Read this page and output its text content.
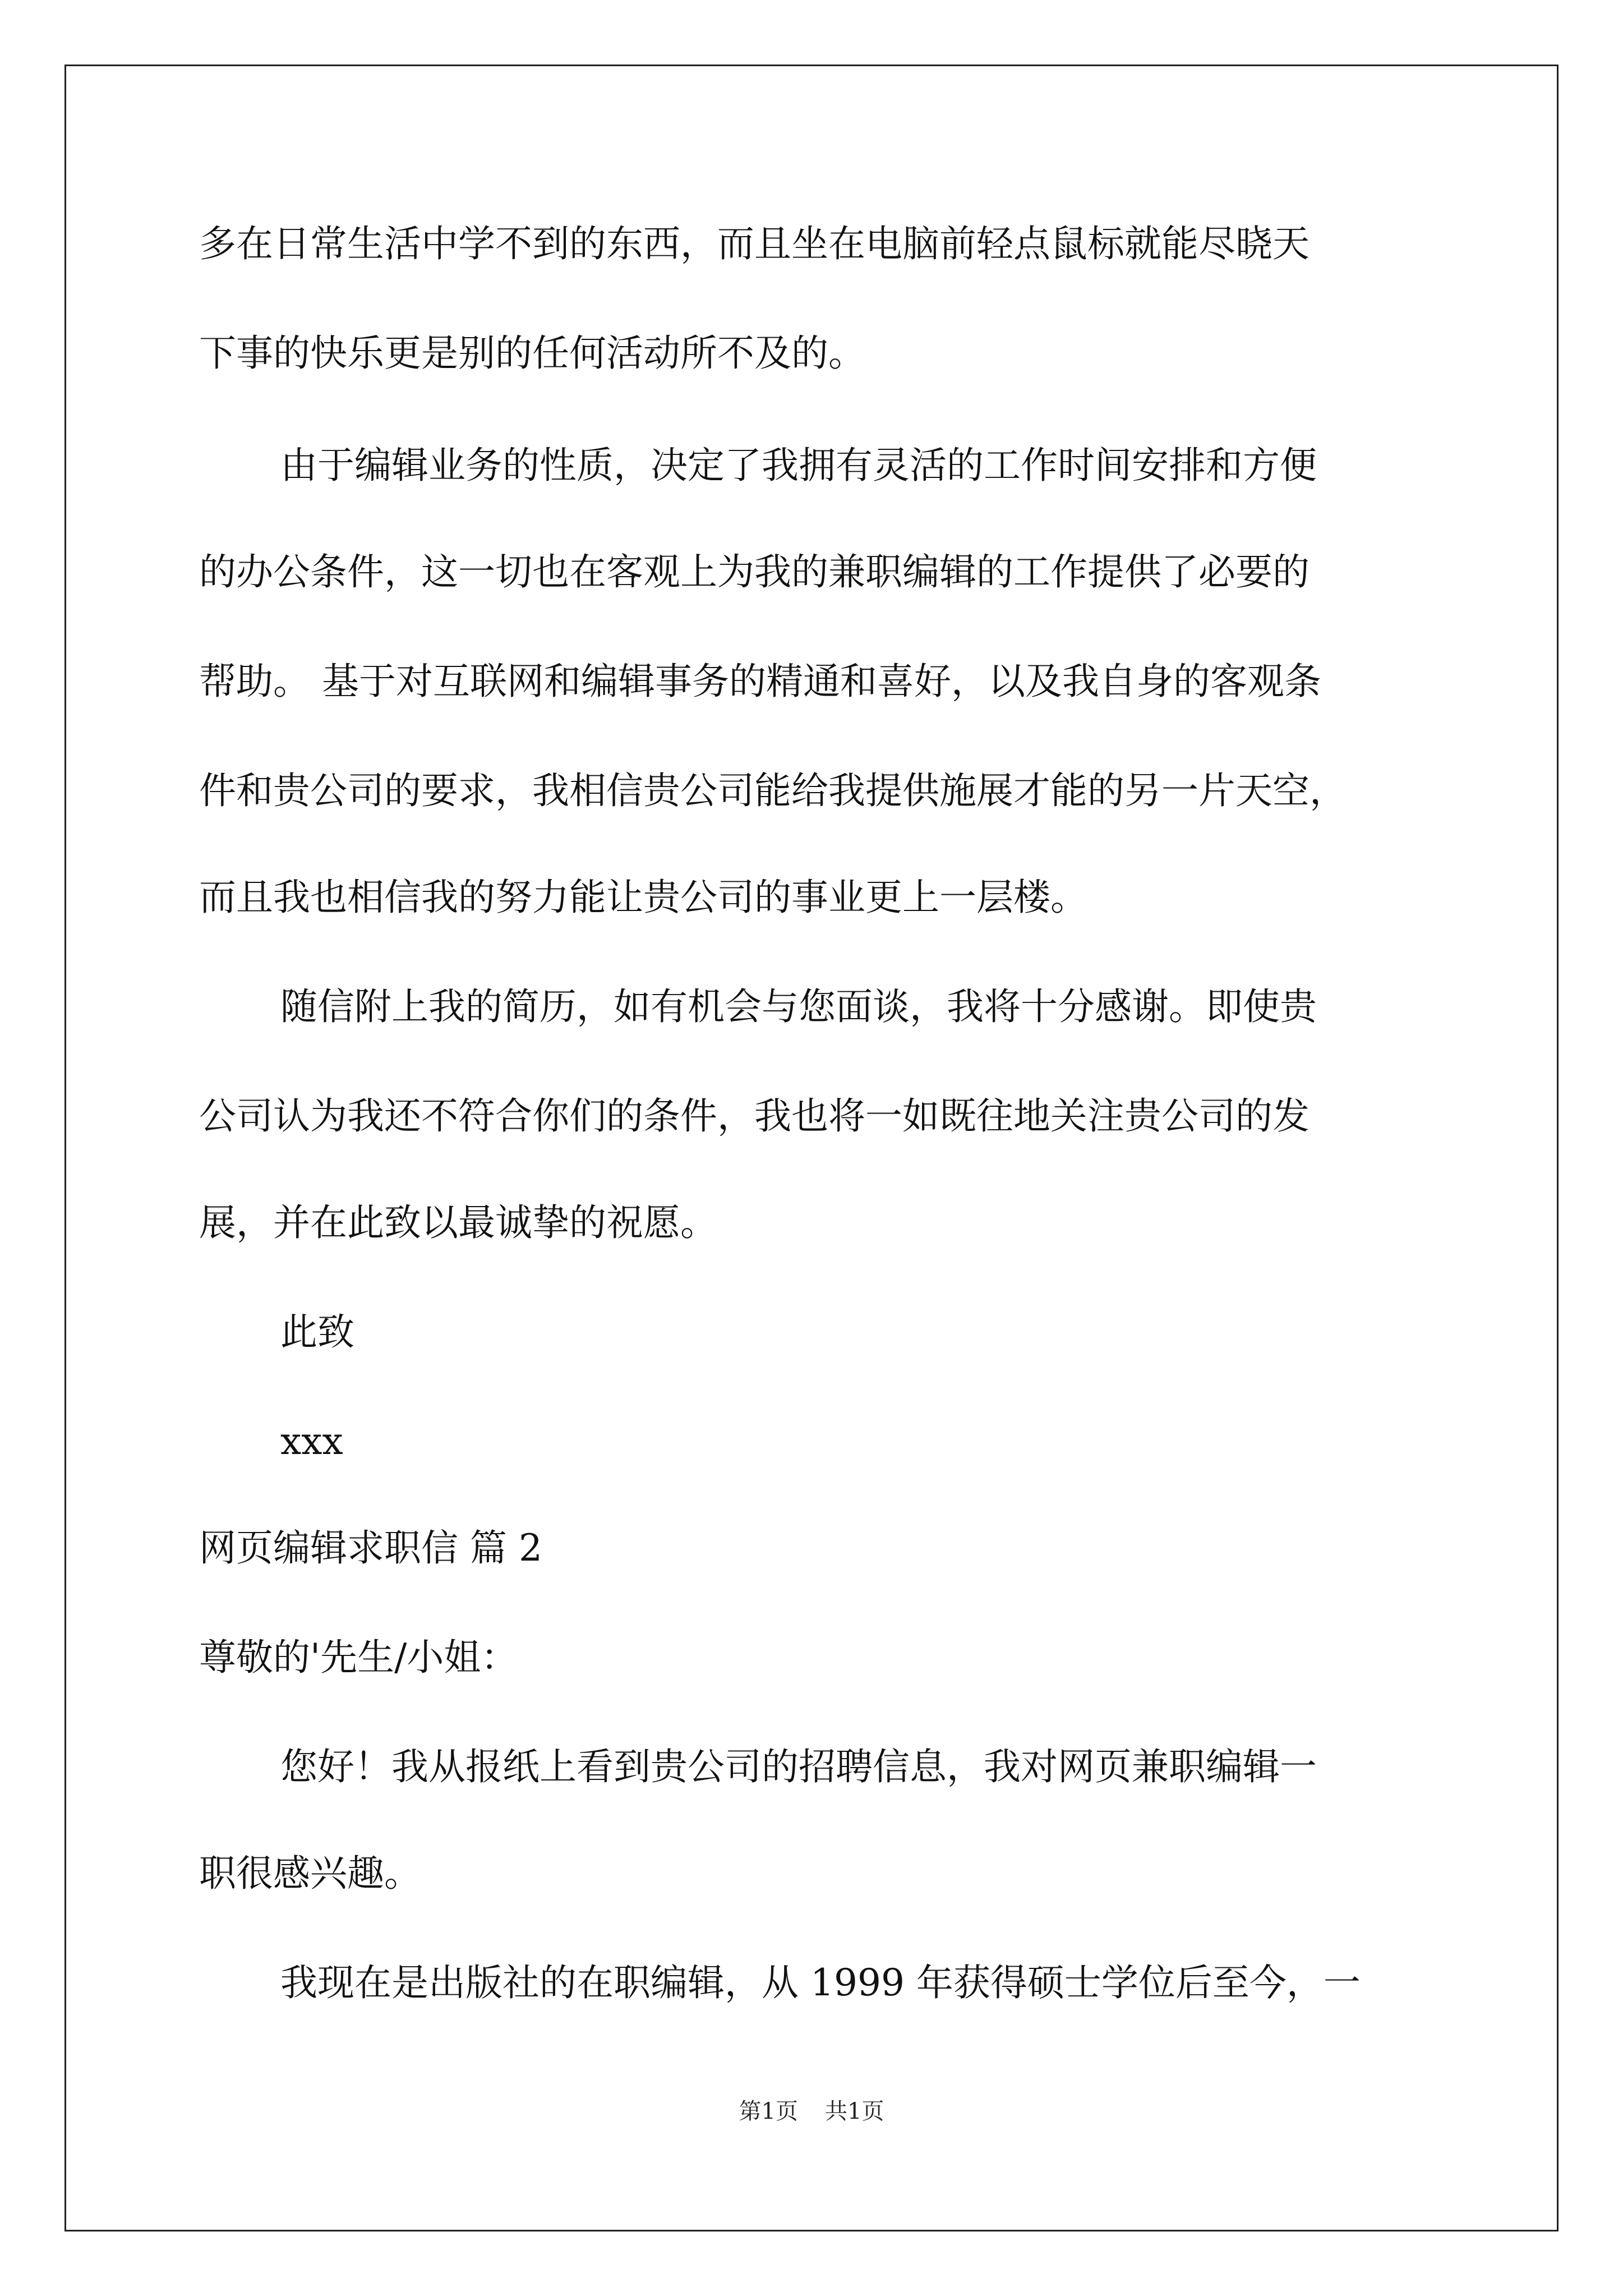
多在日常生活中学不到的东西，而且坐在电脑前轻点鼠标就能尽晓天
下事的快乐更是别的任何活动所不及的。
由于编辑业务的性质，决定了我拥有灵活的工作时间安排和方便
的办公条件，这一切也在客观上为我的兼职编辑的工作提供了必要的
帮助。 基于对互联网和编辑事务的精通和喜好，以及我自身的客观条
件和贵公司的要求，我相信贵公司能给我提供施展才能的另一片天空，
而且我也相信我的努力能让贵公司的事业更上一层楼。
随信附上我的简历，如有机会与您面谈，我将十分感谢。即使贵
公司认为我还不符合你们的条件，我也将一如既往地关注贵公司的发
展，并在此致以最诚挚的祝愿。
此致
xxx
网页编辑求职信 篇 2
尊敬的'先生/小姐：
您好！我从报纸上看到贵公司的招聘信息，我对网页兼职编辑一
职很感兴趣。
我现在是出版社的在职编辑，从 1999 年获得硕士学位后至今，一
第1页 共1页
